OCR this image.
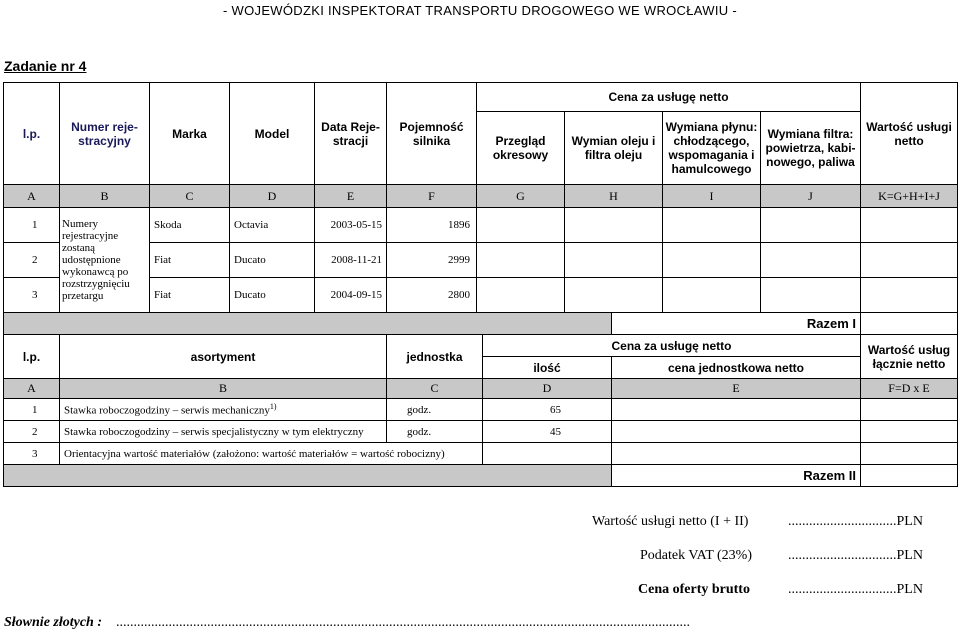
- WOJEWÓDZKI INSPEKTORAT TRANSPORTU DROGOWEGO WE WROCŁAWIU -
Zadanie nr 4
l.p.	Numer reje-stracyjny	Marka	Model	Data Reje-stracji	Pojemność silnika	Cena za usługę netto				Wartość usługi netto
						Przegląd okresowy	Wymian oleju i filtra oleju	Wymiana płynu: chłodzącego, wspomagania i hamulcowego	Wymiana filtra: powietrza, kabi-nowego, paliwa	
A	B	C	D	E	F	G	H	I	J	K=G+H+I+J
1	Numery rejestracyjne zostaną udostępnione wykonawcą po rozstrzygnięciu przetargu	Skoda	Octavia	2003-05-15	1896					
2		Fiat	Ducato	2008-11-21	2999					
3		Fiat	Ducato	2004-09-15	2800					
				Razem I	
l.p.	asortyment	jednostka	Cena za usługę netto		Wartość usług łącznie netto
			ilość	cena jednostkowa netto	
A	B	C	D	E	F=D x E
1	Stawka roboczogodziny – serwis mechaniczny$^{1)}$	godz.	65		
2	Stawka roboczogodziny – serwis specjalistyczny w tym elektryczny	godz.	45		
3	Orientacyjna wartość materiałów (założono: wartość materiałów = wartość robocizny)				
				Razem II	
Wartość usługi netto (I + II)	...............................PLN
Podatek VAT (23%)	...............................PLN
Cena oferty brutto	...............................PLN
Słownie złotych : ....................................................................................................................................................................
